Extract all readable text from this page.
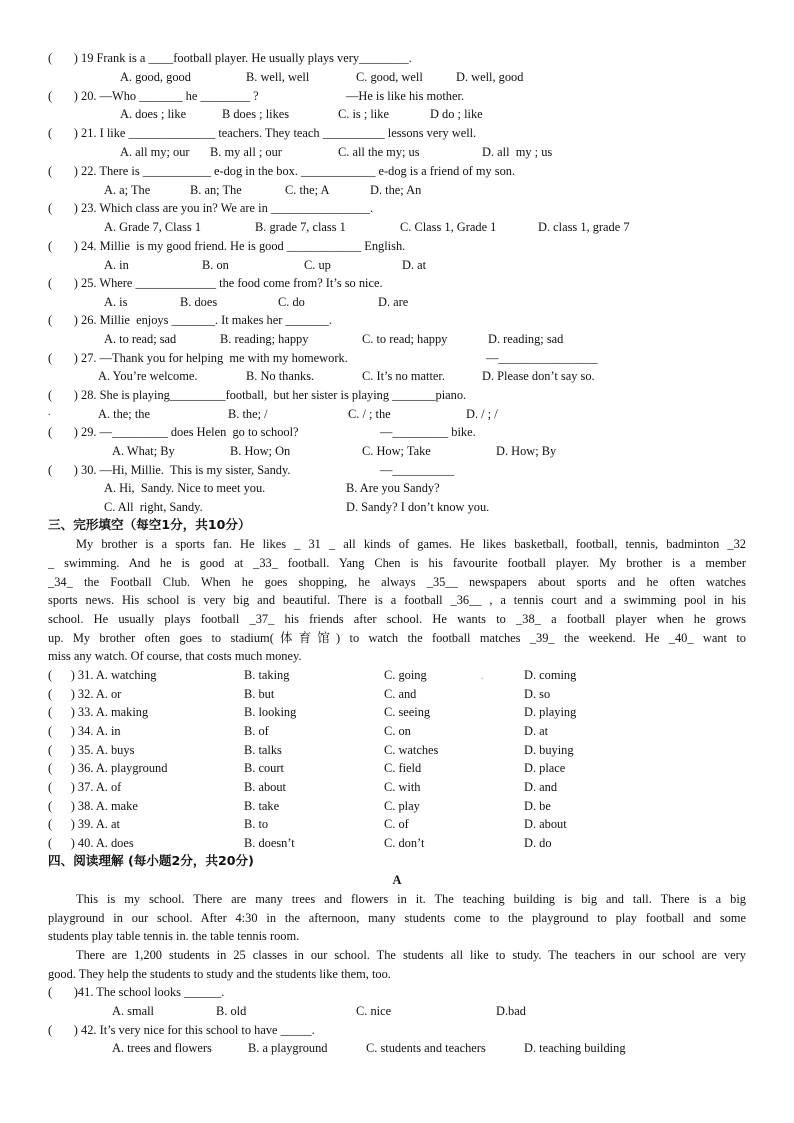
(       ) 19 Frank is a ____football player. He usually plays very________.
A. good, good	B. well, well	C. good, well	D. well, good
(       ) 20. —Who _______ he ________ ?	—He is like his mother.
A. does ; like	B does ; likes	C. is ; like	D do ; like
(       ) 21. I like ______________ teachers. They teach __________ lessons very well.
A. all my; our B. my all ; our	C. all the my; us	D. all  my ; us
(       ) 22. There is ___________ e-dog in the box. ____________ e-dog is a friend of my son.
A. a; The	B. an; The	C. the; A	D. the; An
(       ) 23. Which class are you in? We are in ________________.
A. Grade 7, Class 1	B. grade 7, class 1	C. Class 1, Grade 1	D. class 1, grade 7
(       ) 24. Millie  is my good friend. He is good ____________ English.
A. in	B. on	C. up	D. at
(       ) 25. Where _____________ the food come from? It’s so nice.
A. is	B. does	C. do	D. are
(       ) 26. Millie  enjoys _______. It makes her _______.
A. to read; sad	B. reading; happy	C. to read; happy	D. reading; sad
(       ) 27. —Thank you for helping  me with my homework.	—________________
A. You’re welcome.	B. No thanks.	C. It’s no matter.	D. Please don’t say so.
(       ) 28. She is playing_________football,  but her sister is playing _______piano.
.	A. the; the	B. the; /	C. / ; the	D. / ; /
(       ) 29. —_________ does Helen  go to school?	—_________ bike.
A. What; By	B. How; On	C. How; Take	D. How; By
(       ) 30. —Hi, Millie.  This is my sister, Sandy.	—__________
A. Hi,  Sandy. Nice to meet you.	B. Are you Sandy?
C. All  right, Sandy.	D. Sandy? I don’t know you.
三、完形填空（每空1分，共10分）
My brother is a sports fan. He likes _ 31 _ all kinds of games. He likes basketball, football, tennis, badminton _32
_ swimming. And he is good at _33_ football. Yang Chen is his favourite football player. My brother is a member
_34_ the Football Club. When he goes shopping, he always _35__ newspapers about sports and he often watches
sports news. His school is very big and beautiful. There is a football _36__ , a tennis court and a swimming pool in his
school. He usually plays football _37_ his friends after school. He wants to _38_ a football player when he grows
up. My brother often goes to stadium(体育馆) to watch the football matches _39_ the weekend. He _40_ want to
miss any watch. Of course, that costs much money.
(      ) 31. A. watching	B. taking	C. going	.	D. coming
(      ) 32. A. or	B. but	C. and	D. so
(      ) 33. A. making	B. looking	C. seeing	D. playing
(      ) 34. A. in	B. of	C. on	D. at
(      ) 35. A. buys	B. talks	C. watches	D. buying
(      ) 36. A. playground	B. court	C. field	D. place
(      ) 37. A. of	B. about	C. with	D. and
(      ) 38. A. make	B. take	C. play	D. be
(      ) 39. A. at	B. to	C. of	D. about
(      ) 40. A. does	B. doesn’t	C. don’t	D. do
四、阅读理解 (每小题2分，共20分)
A
This is my school. There are many trees and flowers in it. The teaching building is big and tall. There is a big
playground in our school. After 4:30 in the afternoon, many students come to the playground to play football and some
students play table tennis in. the table tennis room.
There are 1,200 students in 25 classes in our school. The students all like to study. The teachers in our school are very
good. They help the students to study and the students like them, too.
(       )41. The school looks ______.
A. small	B. old	C. nice	D.bad
(       ) 42. It’s very nice for this school to have _____.
A. trees and flowers	B. a playground	C. students and teachers	D. teaching building
